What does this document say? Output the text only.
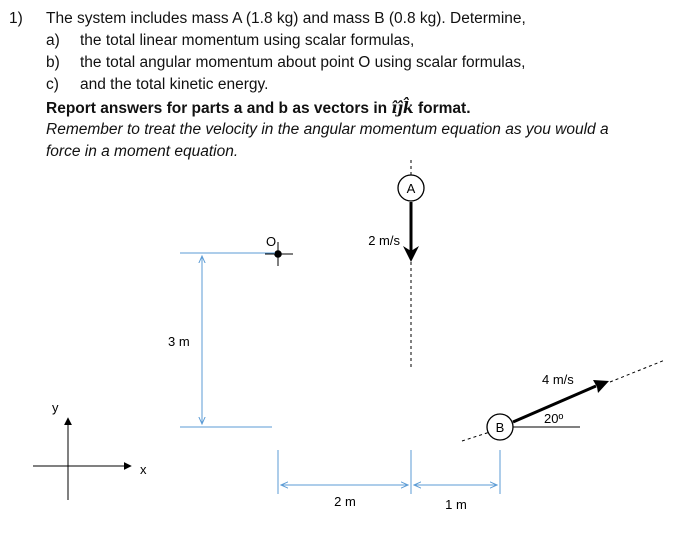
1) The system includes mass A (1.8 kg) and mass B (0.8 kg). Determine,
a) the total linear momentum using scalar formulas,
b) the total angular momentum about point O using scalar formulas,
c) and the total kinetic energy.
Report answers for parts a and b as vectors in îĵk̂ format.
Remember to treat the velocity in the angular momentum equation as you would a
force in a moment equation.
A
2 m/s
O
3 m
2 m	1 m
B
4 m/s
20º
y
x
